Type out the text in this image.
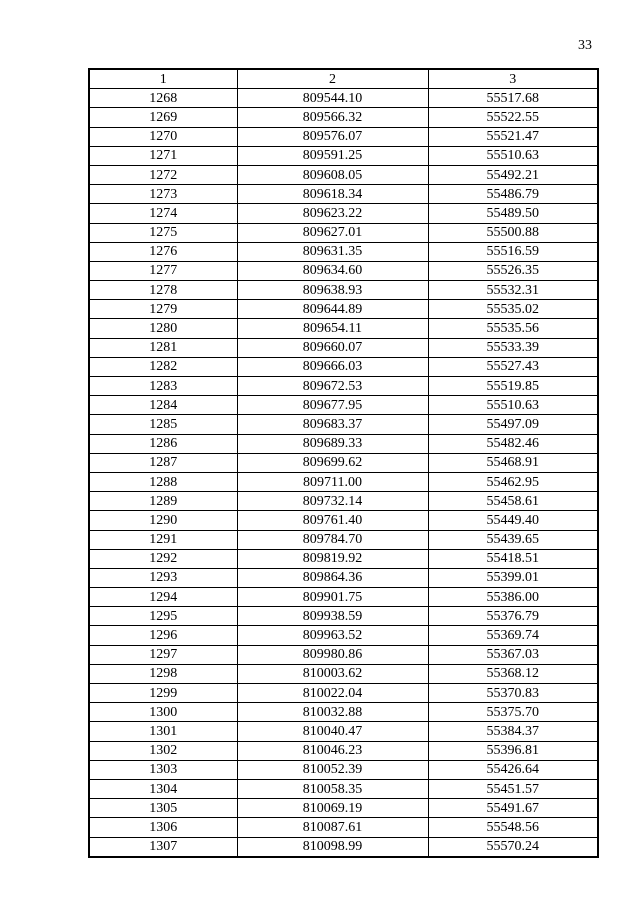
33
1	2	3
1268	809544.10	55517.68
1269	809566.32	55522.55
1270	809576.07	55521.47
1271	809591.25	55510.63
1272	809608.05	55492.21
1273	809618.34	55486.79
1274	809623.22	55489.50
1275	809627.01	55500.88
1276	809631.35	55516.59
1277	809634.60	55526.35
1278	809638.93	55532.31
1279	809644.89	55535.02
1280	809654.11	55535.56
1281	809660.07	55533.39
1282	809666.03	55527.43
1283	809672.53	55519.85
1284	809677.95	55510.63
1285	809683.37	55497.09
1286	809689.33	55482.46
1287	809699.62	55468.91
1288	809711.00	55462.95
1289	809732.14	55458.61
1290	809761.40	55449.40
1291	809784.70	55439.65
1292	809819.92	55418.51
1293	809864.36	55399.01
1294	809901.75	55386.00
1295	809938.59	55376.79
1296	809963.52	55369.74
1297	809980.86	55367.03
1298	810003.62	55368.12
1299	810022.04	55370.83
1300	810032.88	55375.70
1301	810040.47	55384.37
1302	810046.23	55396.81
1303	810052.39	55426.64
1304	810058.35	55451.57
1305	810069.19	55491.67
1306	810087.61	55548.56
1307	810098.99	55570.24
